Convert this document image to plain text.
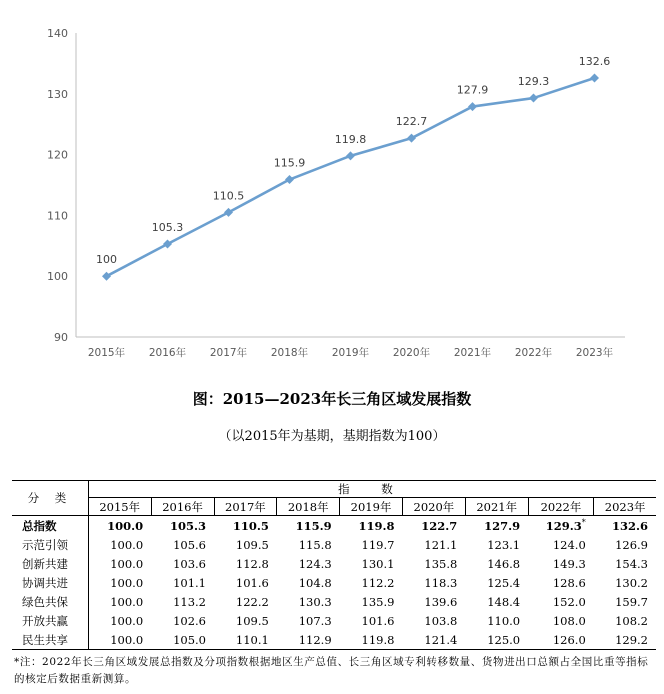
90
100
110
120
130
140
2015年 2016年 2017年 2018年 2019年 2020年 2021年 2022年 2023年
100
105.3
110.5
115.9
119.8
122.7
127.9
129.3
132.6
图：2015—2023年长三角区域发展指数
（以2015年为基期，基期指数为100）
分 类	指 数								
	2015年	2016年	2017年	2018年	2019年	2020年	2021年	2022年	2023年
总指数	100.0	105.3	110.5	115.9	119.8	122.7	127.9	129.3*	132.6
示范引领	100.0	105.6	109.5	115.8	119.7	121.1	123.1	124.0	126.9
创新共建	100.0	103.6	112.8	124.3	130.1	135.8	146.8	149.3	154.3
协调共进	100.0	101.1	101.6	104.8	112.2	118.3	125.4	128.6	130.2
绿色共保	100.0	113.2	122.2	130.3	135.9	139.6	148.4	152.0	159.7
开放共赢	100.0	102.6	109.5	107.3	101.6	103.8	110.0	108.0	108.2
民生共享	100.0	105.0	110.1	112.9	119.8	121.4	125.0	126.0	129.2
*注：2022年长三角区域发展总指数及分项指数根据地区生产总值、长三角区域专利转移数量、货物进出口总额占全国比重等指标的核定后数据重新测算。
